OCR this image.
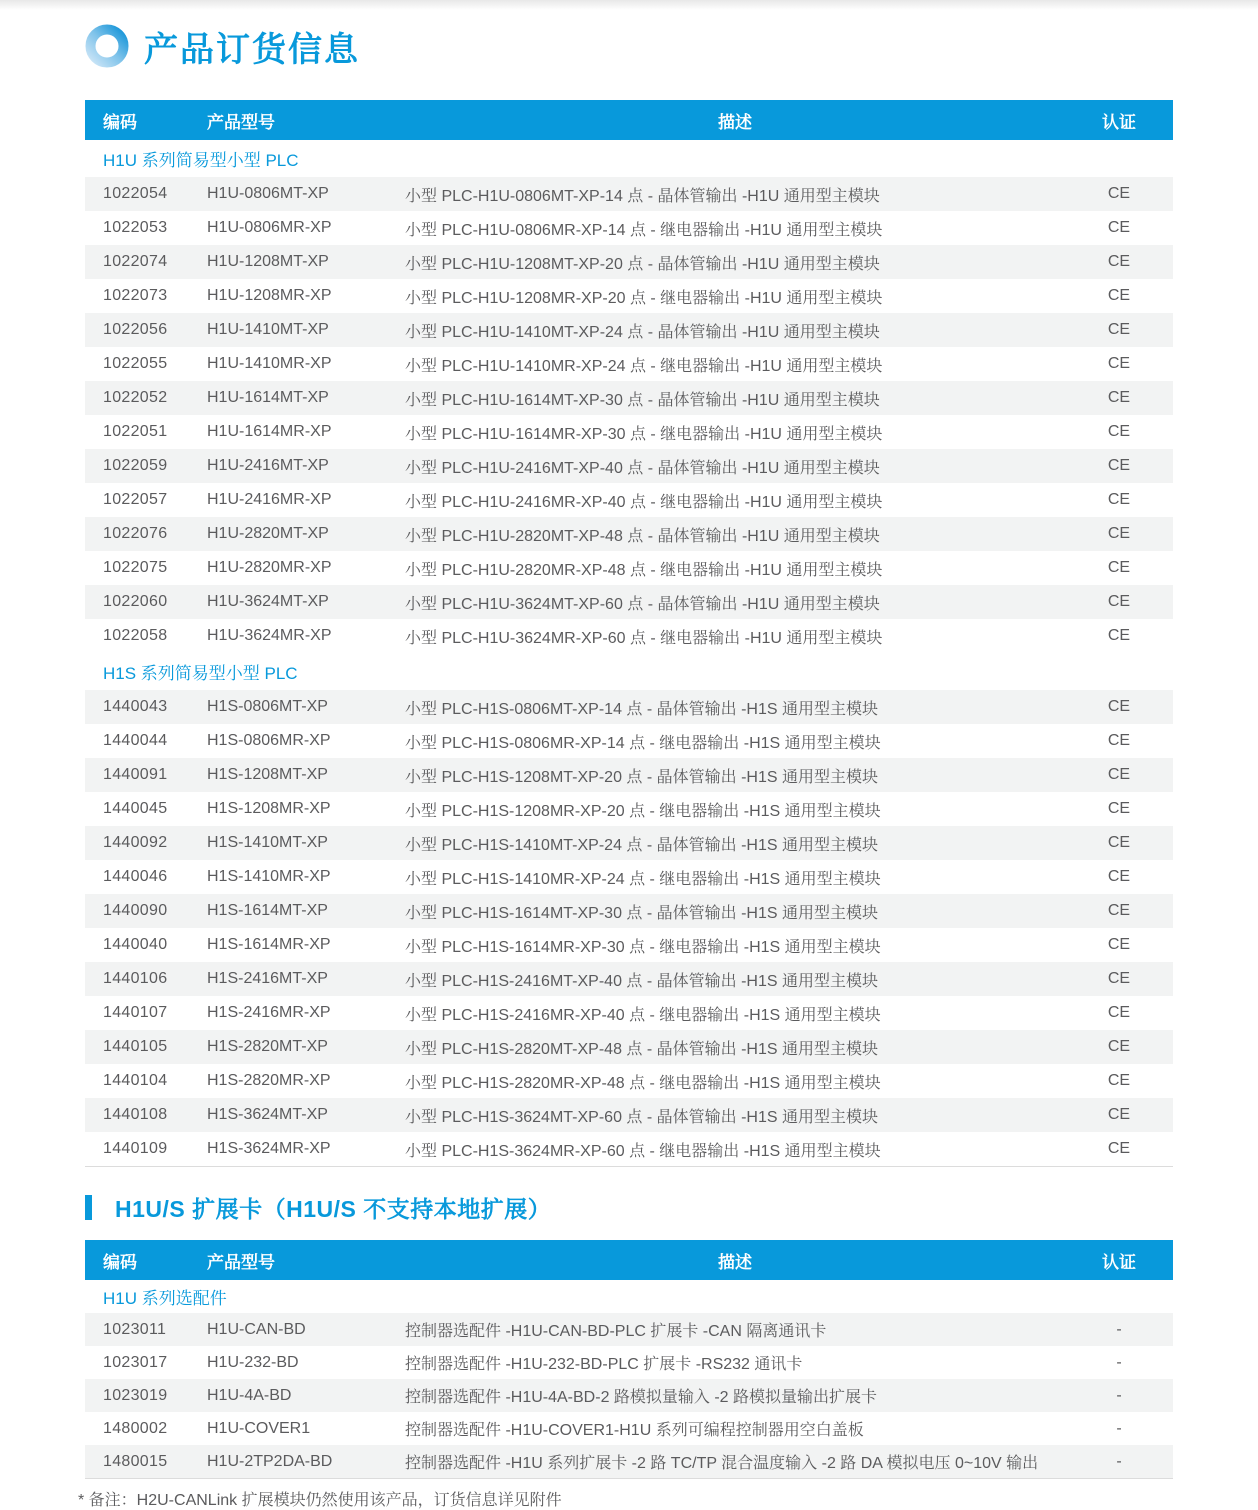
产品订货信息
编码	产品型号	描述	认证
H1U 系列简易型小型 PLC
1022054	H1U-0806MT-XP	小型 PLC-H1U-0806MT-XP-14 点 - 晶体管输出 -H1U 通用型主模块	CE
1022053	H1U-0806MR-XP	小型 PLC-H1U-0806MR-XP-14 点 - 继电器输出 -H1U 通用型主模块	CE
1022074	H1U-1208MT-XP	小型 PLC-H1U-1208MT-XP-20 点 - 晶体管输出 -H1U 通用型主模块	CE
1022073	H1U-1208MR-XP	小型 PLC-H1U-1208MR-XP-20 点 - 继电器输出 -H1U 通用型主模块	CE
1022056	H1U-1410MT-XP	小型 PLC-H1U-1410MT-XP-24 点 - 晶体管输出 -H1U 通用型主模块	CE
1022055	H1U-1410MR-XP	小型 PLC-H1U-1410MR-XP-24 点 - 继电器输出 -H1U 通用型主模块	CE
1022052	H1U-1614MT-XP	小型 PLC-H1U-1614MT-XP-30 点 - 晶体管输出 -H1U 通用型主模块	CE
1022051	H1U-1614MR-XP	小型 PLC-H1U-1614MR-XP-30 点 - 继电器输出 -H1U 通用型主模块	CE
1022059	H1U-2416MT-XP	小型 PLC-H1U-2416MT-XP-40 点 - 晶体管输出 -H1U 通用型主模块	CE
1022057	H1U-2416MR-XP	小型 PLC-H1U-2416MR-XP-40 点 - 继电器输出 -H1U 通用型主模块	CE
1022076	H1U-2820MT-XP	小型 PLC-H1U-2820MT-XP-48 点 - 晶体管输出 -H1U 通用型主模块	CE
1022075	H1U-2820MR-XP	小型 PLC-H1U-2820MR-XP-48 点 - 继电器输出 -H1U 通用型主模块	CE
1022060	H1U-3624MT-XP	小型 PLC-H1U-3624MT-XP-60 点 - 晶体管输出 -H1U 通用型主模块	CE
1022058	H1U-3624MR-XP	小型 PLC-H1U-3624MR-XP-60 点 - 继电器输出 -H1U 通用型主模块	CE
H1S 系列简易型小型 PLC
1440043	H1S-0806MT-XP	小型 PLC-H1S-0806MT-XP-14 点 - 晶体管输出 -H1S 通用型主模块	CE
1440044	H1S-0806MR-XP	小型 PLC-H1S-0806MR-XP-14 点 - 继电器输出 -H1S 通用型主模块	CE
1440091	H1S-1208MT-XP	小型 PLC-H1S-1208MT-XP-20 点 - 晶体管输出 -H1S 通用型主模块	CE
1440045	H1S-1208MR-XP	小型 PLC-H1S-1208MR-XP-20 点 - 继电器输出 -H1S 通用型主模块	CE
1440092	H1S-1410MT-XP	小型 PLC-H1S-1410MT-XP-24 点 - 晶体管输出 -H1S 通用型主模块	CE
1440046	H1S-1410MR-XP	小型 PLC-H1S-1410MR-XP-24 点 - 继电器输出 -H1S 通用型主模块	CE
1440090	H1S-1614MT-XP	小型 PLC-H1S-1614MT-XP-30 点 - 晶体管输出 -H1S 通用型主模块	CE
1440040	H1S-1614MR-XP	小型 PLC-H1S-1614MR-XP-30 点 - 继电器输出 -H1S 通用型主模块	CE
1440106	H1S-2416MT-XP	小型 PLC-H1S-2416MT-XP-40 点 - 晶体管输出 -H1S 通用型主模块	CE
1440107	H1S-2416MR-XP	小型 PLC-H1S-2416MR-XP-40 点 - 继电器输出 -H1S 通用型主模块	CE
1440105	H1S-2820MT-XP	小型 PLC-H1S-2820MT-XP-48 点 - 晶体管输出 -H1S 通用型主模块	CE
1440104	H1S-2820MR-XP	小型 PLC-H1S-2820MR-XP-48 点 - 继电器输出 -H1S 通用型主模块	CE
1440108	H1S-3624MT-XP	小型 PLC-H1S-3624MT-XP-60 点 - 晶体管输出 -H1S 通用型主模块	CE
1440109	H1S-3624MR-XP	小型 PLC-H1S-3624MR-XP-60 点 - 继电器输出 -H1S 通用型主模块	CE
H1U/S 扩展卡（H1U/S 不支持本地扩展）
编码	产品型号	描述	认证
H1U 系列选配件
1023011	H1U-CAN-BD	控制器选配件 -H1U-CAN-BD-PLC 扩展卡 -CAN 隔离通讯卡	-
1023017	H1U-232-BD	控制器选配件 -H1U-232-BD-PLC 扩展卡 -RS232 通讯卡	-
1023019	H1U-4A-BD	控制器选配件 -H1U-4A-BD-2 路模拟量输入 -2 路模拟量输出扩展卡	-
1480002	H1U-COVER1	控制器选配件 -H1U-COVER1-H1U 系列可编程控制器用空白盖板	-
1480015	H1U-2TP2DA-BD	控制器选配件 -H1U 系列扩展卡 -2 路 TC/TP 混合温度输入 -2 路 DA 模拟电压 0~10V 输出	-

* 备注：H2U-CANLink 扩展模块仍然使用该产品，订货信息详见附件
